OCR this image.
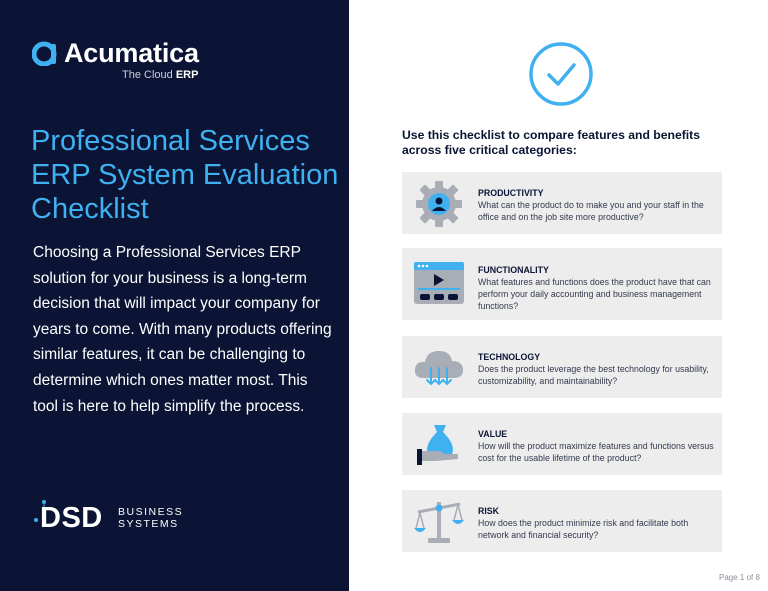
Acumatica
The Cloud ERP
Professional Services ERP System Evaluation Checklist
Choosing a Professional Services ERP solution for your business is a long-term decision that will impact your company for years to come. With many products offering similar features, it can be challenging to determine which ones matter most. This tool is here to help simplify the process.
DSD BUSINESS
SYSTEMS
Use this checklist to compare features and benefits across five critical categories:
PRODUCTIVITY
What can the product do to make you and your staff in the office and on the job site more productive?
FUNCTIONALITY
What features and functions does the product have that can perform your daily accounting and business management functions?
TECHNOLOGY
Does the product leverage the best technology for usability, customizability, and maintainability?
VALUE
How will the product maximize features and functions versus cost for the usable lifetime of the product?
RISK
How does the product minimize risk and facilitate both network and financial security?
Page 1 of 8
